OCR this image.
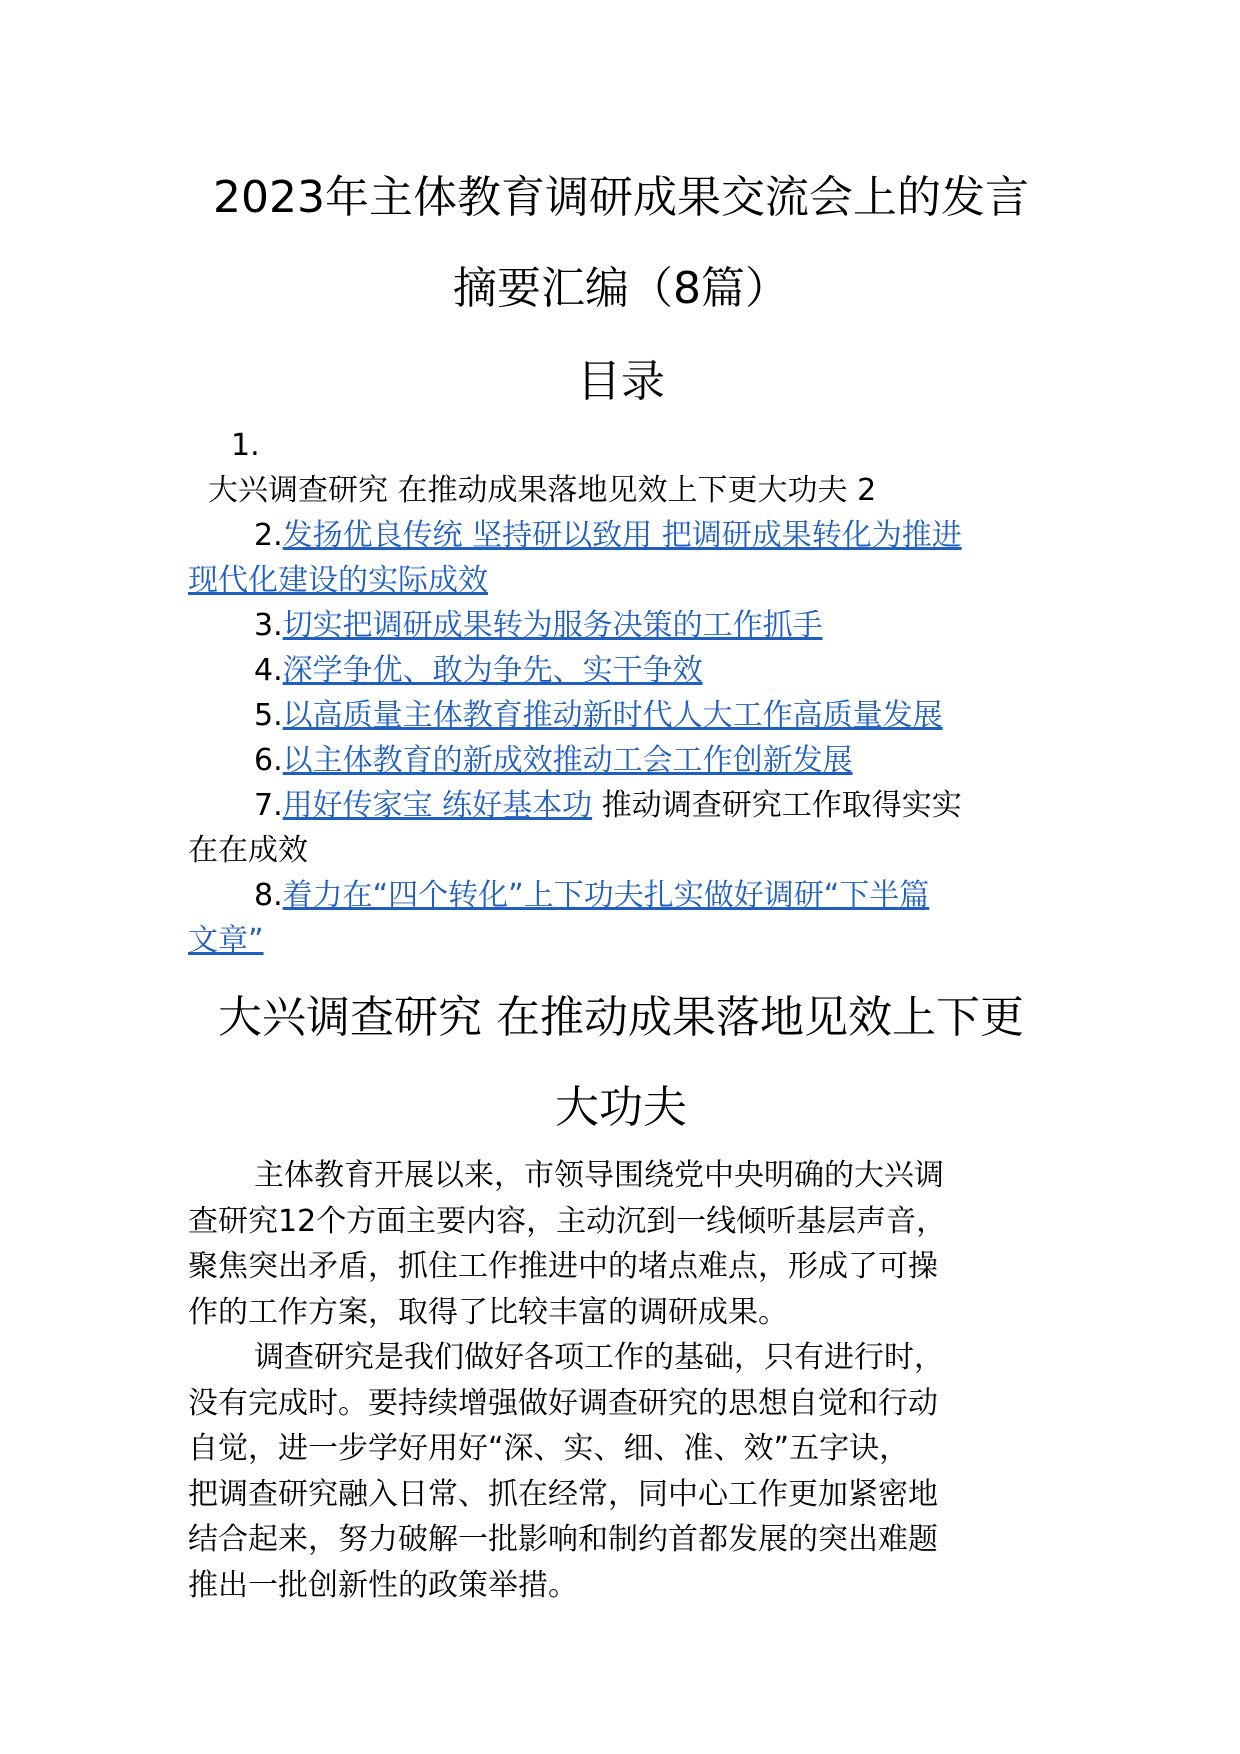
2023年主体教育调研成果交流会上的发言
摘要汇编（8篇）
目录

1.
大兴调查研究 在推动成果落地见效上下更大功夫 2

2.发扬优良传统 坚持研以致用 把调研成果转化为推进
现代化建设的实际成效

3.切实把调研成果转为服务决策的工作抓手

4.深学争优、敢为争先、实干争效

5.以高质量主体教育推动新时代人大工作高质量发展

6.以主体教育的新成效推动工会工作创新发展

7.用好传家宝 练好基本功 推动调查研究工作取得实实
在在成效

8.着力在“四个转化”上下功夫扎实做好调研“下半篇
文章”

大兴调查研究 在推动成果落地见效上下更
大功夫
主体教育开展以来，市领导围绕党中央明确的大兴调
查研究12个方面主要内容，主动沉到一线倾听基层声音，
聚焦突出矛盾，抓住工作推进中的堵点难点，形成了可操
作的工作方案，取得了比较丰富的调研成果。
调查研究是我们做好各项工作的基础，只有进行时，
没有完成时。要持续增强做好调查研究的思想自觉和行动
自觉，进一步学好用好“深、实、细、准、效”五字诀，
把调查研究融入日常、抓在经常，同中心工作更加紧密地
结合起来，努力破解一批影响和制约首都发展的突出难题
推出一批创新性的政策举措。
